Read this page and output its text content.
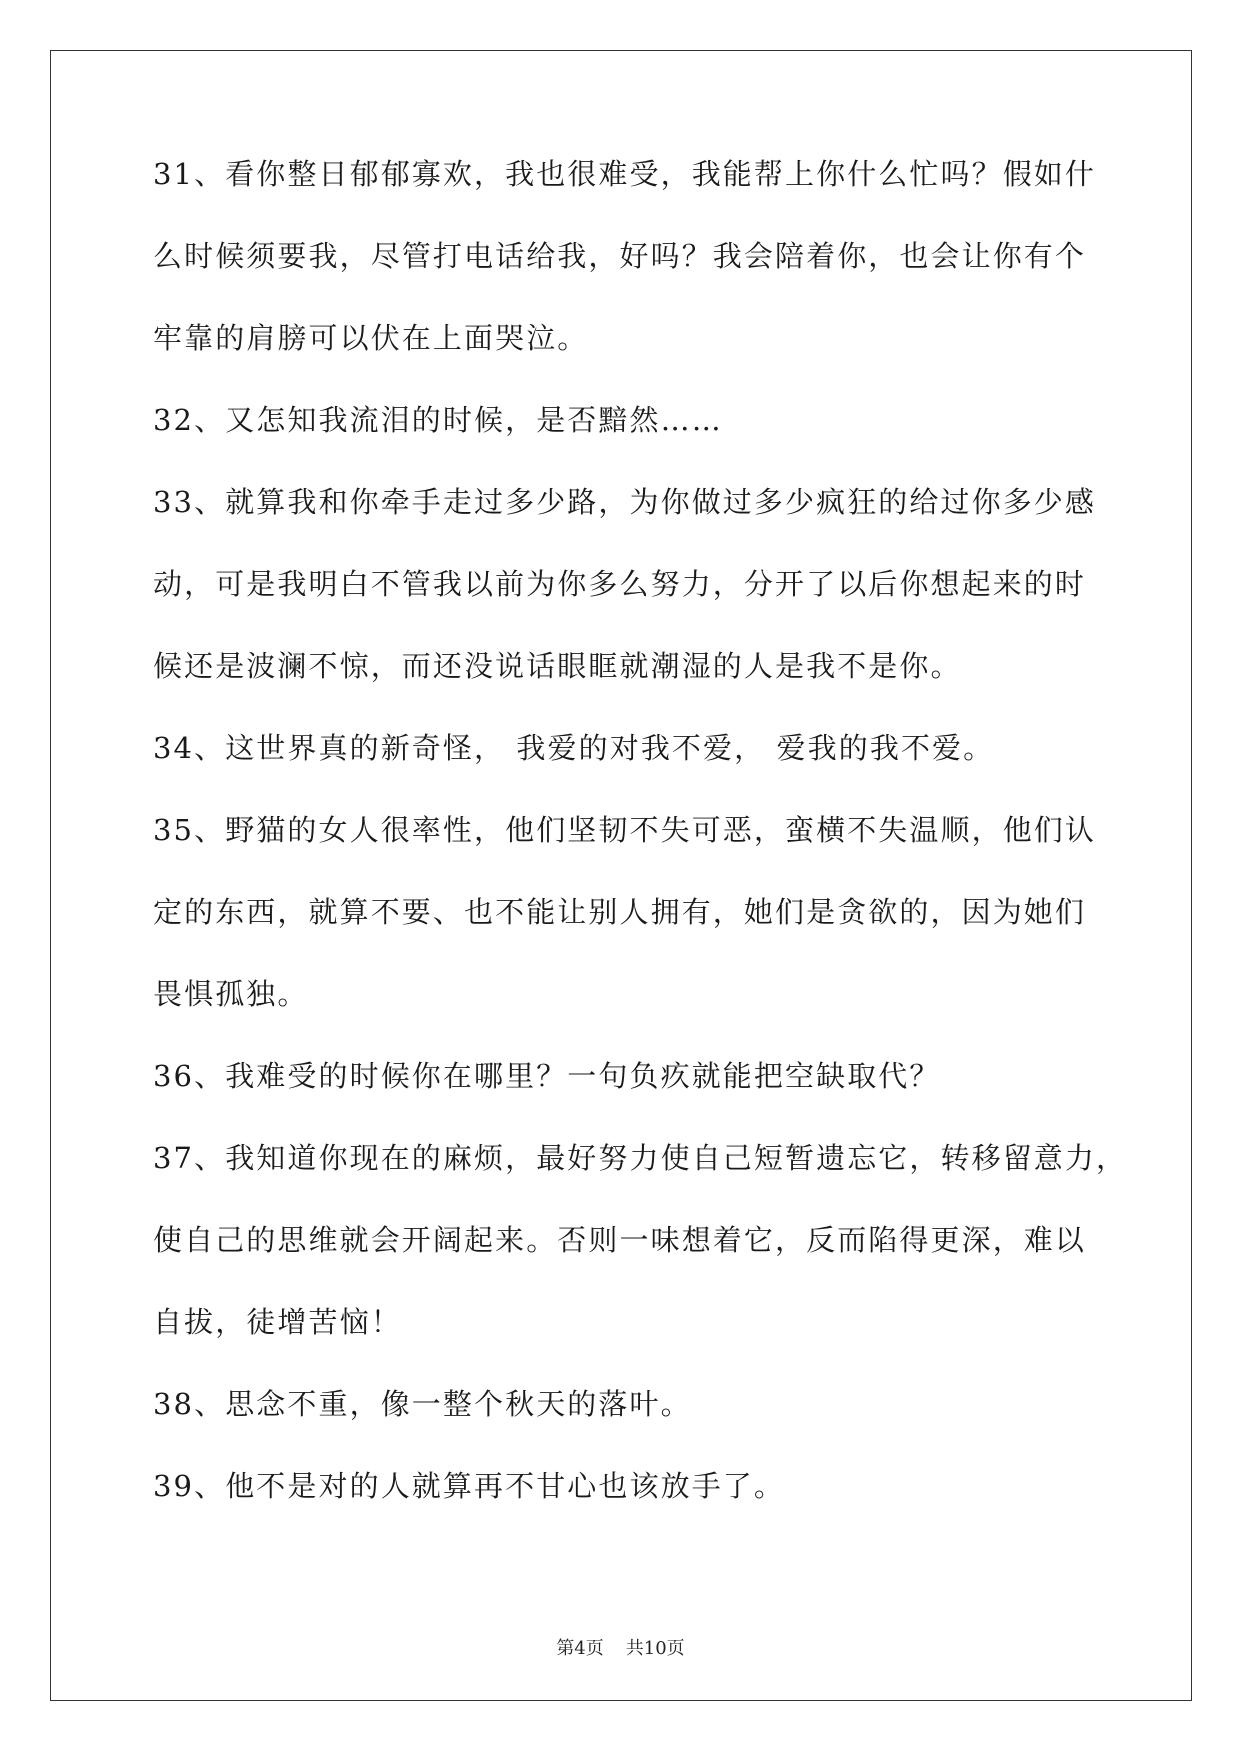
31、看你整日郁郁寡欢，我也很难受，我能帮上你什么忙吗？假如什
么时候须要我，尽管打电话给我，好吗？我会陪着你，也会让你有个
牢靠的肩膀可以伏在上面哭泣。
32、又怎知我流泪的时候，是否黯然……
33、就算我和你牵手走过多少路，为你做过多少疯狂的给过你多少感
动，可是我明白不管我以前为你多么努力，分开了以后你想起来的时
候还是波澜不惊，而还没说话眼眶就潮湿的人是我不是你。
34、这世界真的新奇怪， 我爱的对我不爱， 爱我的我不爱。
35、野猫的女人很率性，他们坚韧不失可恶，蛮横不失温顺，他们认
定的东西，就算不要、也不能让别人拥有，她们是贪欲的，因为她们
畏惧孤独。
36、我难受的时候你在哪里？一句负疚就能把空缺取代？
37、我知道你现在的麻烦，最好努力使自己短暂遗忘它，转移留意力，
使自己的思维就会开阔起来。否则一味想着它，反而陷得更深，难以
自拔，徒增苦恼！
38、思念不重，像一整个秋天的落叶。
39、他不是对的人就算再不甘心也该放手了。
第4页 共10页
